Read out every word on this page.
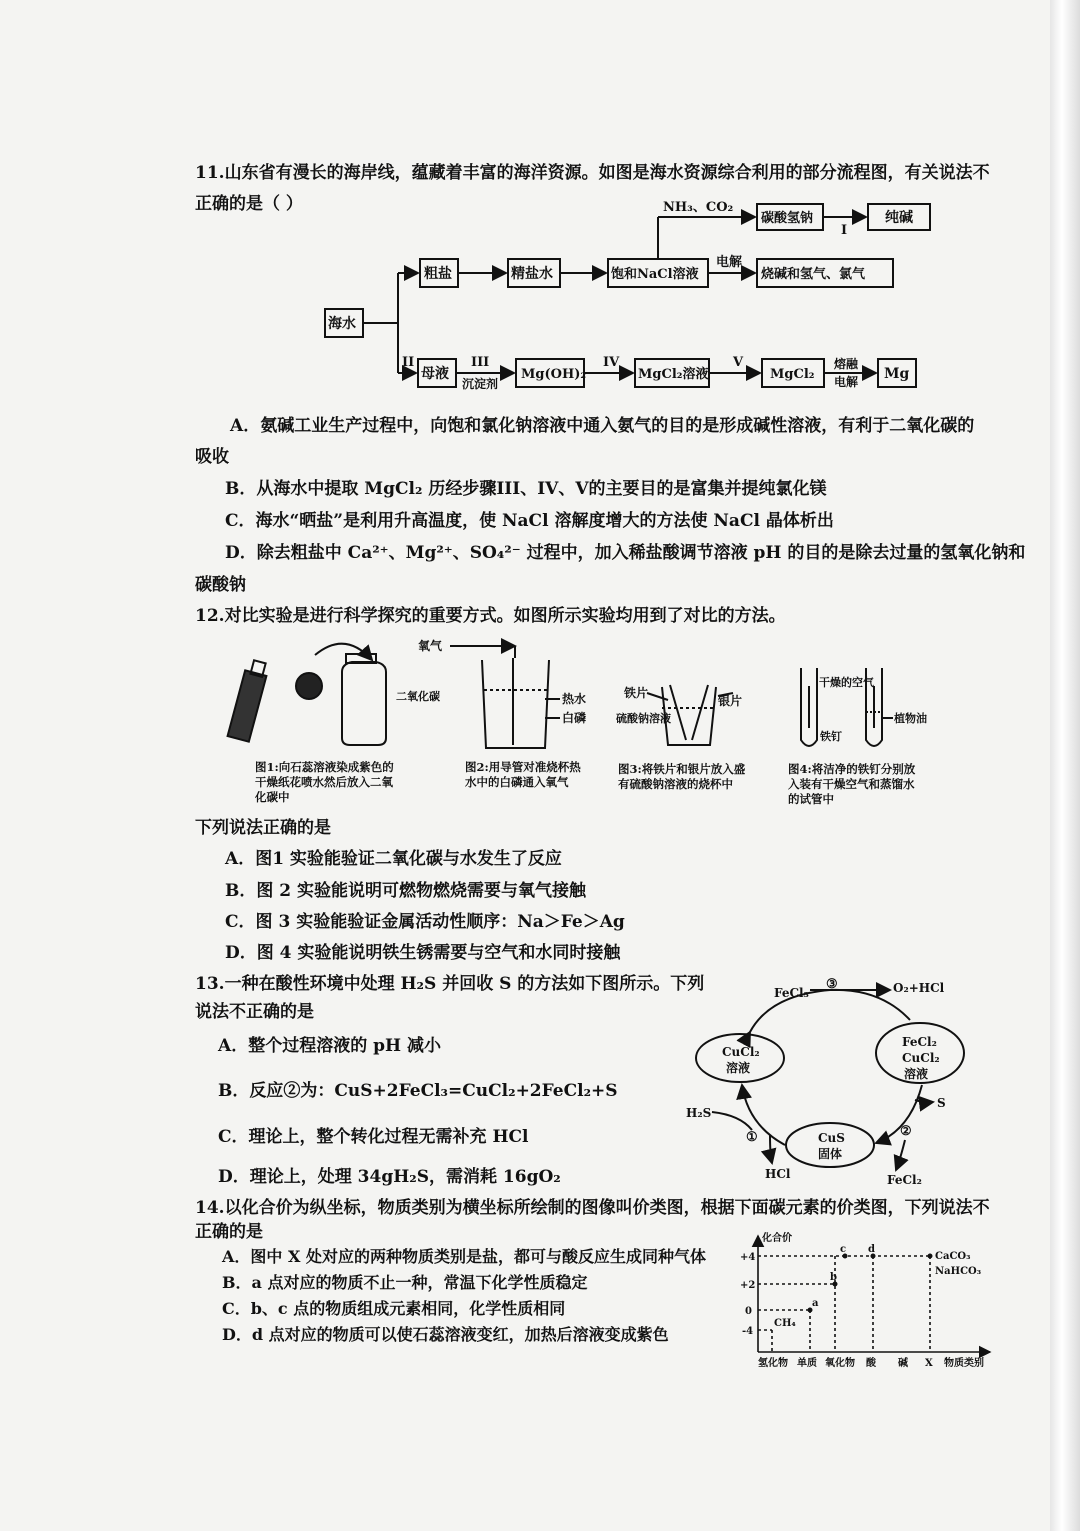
11.山东省有漫长的海岸线，蕴藏着丰富的海洋资源。如图是海水资源综合利用的部分流程图，有关说法不
正确的是（ ）
海水
粗盐	精盐水	饱和NaCl溶液
碳酸氢钠	纯碱
烧碱和氢气、氯气
NH₃、CO₂
I
电解
母液
II	III
沉淀剂
Mg(OH)₂
IV
MgCl₂溶液
V
MgCl₂
熔融
电解 Mg
A．氨碱工业生产过程中，向饱和氯化钠溶液中通入氨气的目的是形成碱性溶液，有利于二氧化碳的
吸收
B．从海水中提取 MgCl₂ 历经步骤III、IV、V的主要目的是富集并提纯氯化镁
C．海水“晒盐”是利用升高温度，使 NaCl 溶解度增大的方法使 NaCl 晶体析出
D．除去粗盐中 Ca²⁺、Mg²⁺、SO₄²⁻ 过程中，加入稀盐酸调节溶液 pH 的目的是除去过量的氢氧化钠和
碳酸钠
12.对比实验是进行科学探究的重要方式。如图所示实验均用到了对比的方法。
二氧化碳
氧气
热水
白磷
铁片
银片
硫酸钠溶液
干燥的空气
铁钉
植物油
图1:向石蕊溶液染成紫色的干燥纸花喷水然后放入二氧化碳中
图2:用导管对准烧杯热水中的白磷通入氧气
图3:将铁片和银片放入盛有硫酸钠溶液的烧杯中
图4:将洁净的铁钉分别放入装有干燥空气和蒸馏水的试管中
下列说法正确的是
A．图1 实验能验证二氧化碳与水发生了反应
B．图 2 实验能说明可燃物燃烧需要与氧气接触
C．图 3 实验能验证金属活动性顺序：Na＞Fe＞Ag
D．图 4 实验能说明铁生锈需要与空气和水同时接触
13.一种在酸性环境中处理 H₂S 并回收 S 的方法如下图所示。下列
说法不正确的是
A．整个过程溶液的 pH 减小
B．反应②为：CuS+2FeCl₃=CuCl₂+2FeCl₂+S
C．理论上，整个转化过程无需补充 HCl
D．理论上，处理 34gH₂S，需消耗 16gO₂
FeCl₃
③	O₂+HCl
CuCl₂
溶液
FeCl₂
CuCl₂
溶液
H₂S
S
①	②
CuS
固体
HCl	FeCl₂
14.以化合价为纵坐标，物质类别为横坐标所绘制的图像叫价类图，根据下面碳元素的价类图，下列说法不
正确的是
A．图中 X 处对应的两种物质类别是盐，都可与酸反应生成同种气体
B．a 点对应的物质不止一种，常温下化学性质稳定
C．b、c 点的物质组成元素相同，化学性质相同
D．d 点对应的物质可以使石蕊溶液变红，加热后溶液变成紫色
化合价
+4
+2
0
-4
氢化物 单质 氧化物 酸 碱 X 物质类别
CH₄
a
b
c d
CaCO₃
NaHCO₃
